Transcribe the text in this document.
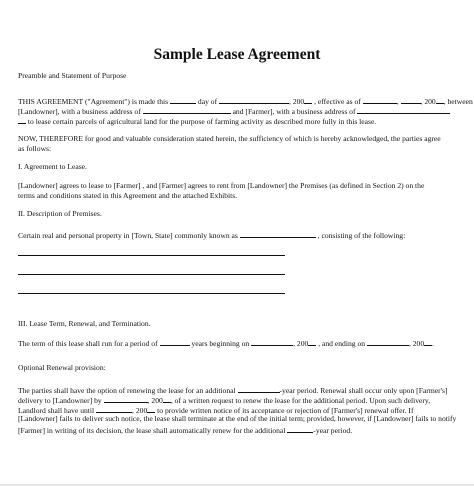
Sample Lease Agreement
Preamble and Statement of Purpose
THIS AGREEMENT ("Agreement") is made this	day of	, 200 , effective as of	,	, 200 , between
[Landowner], with a business address of	and [Farmer], with a business address of
to lease certain parcels of agricultural land for the purpose of farming activity as described more fully in this lease.
NOW, THEREFORE for good and valuable consideration stated herein, the sufficiency of which is hereby acknowledged, the parties agree
as follows:
I. Agreement to Lease.
[Landowner] agrees to lease to [Farmer] , and [Farmer] agrees to rent from [Landowner] the Premises (as defined in Section 2) on the
terms and conditions stated in this Agreement and the attached Exhibits.
II. Description of Premises.
Certain real and personal property in [Town, State] commonly known as	, consisting of the following:
III. Lease Term, Renewal, and Termination.
The term of this lease shall run for a period of	years beginning on	, 200 , and ending on	, 200 .
Optional Renewal provision:
The parties shall have the option of renewing the lease for an additional	-year period. Renewal shall occur only upon [Farmer's]
delivery to [Landowner] by	, 200 , of a written request to renew the lease for the additional period. Upon such delivery,
Landlord shall have until	, 200 to provide written notice of its acceptance or rejection of [Farmer's] renewal offer. If
[Landowner] fails to deliver such notice, the lease shall terminate at the end of the initial term; provided, however, if [Landowner] fails to notify
[Farmer] in writing of its decision, the lease shall automatically renew for the additional	-year period.
